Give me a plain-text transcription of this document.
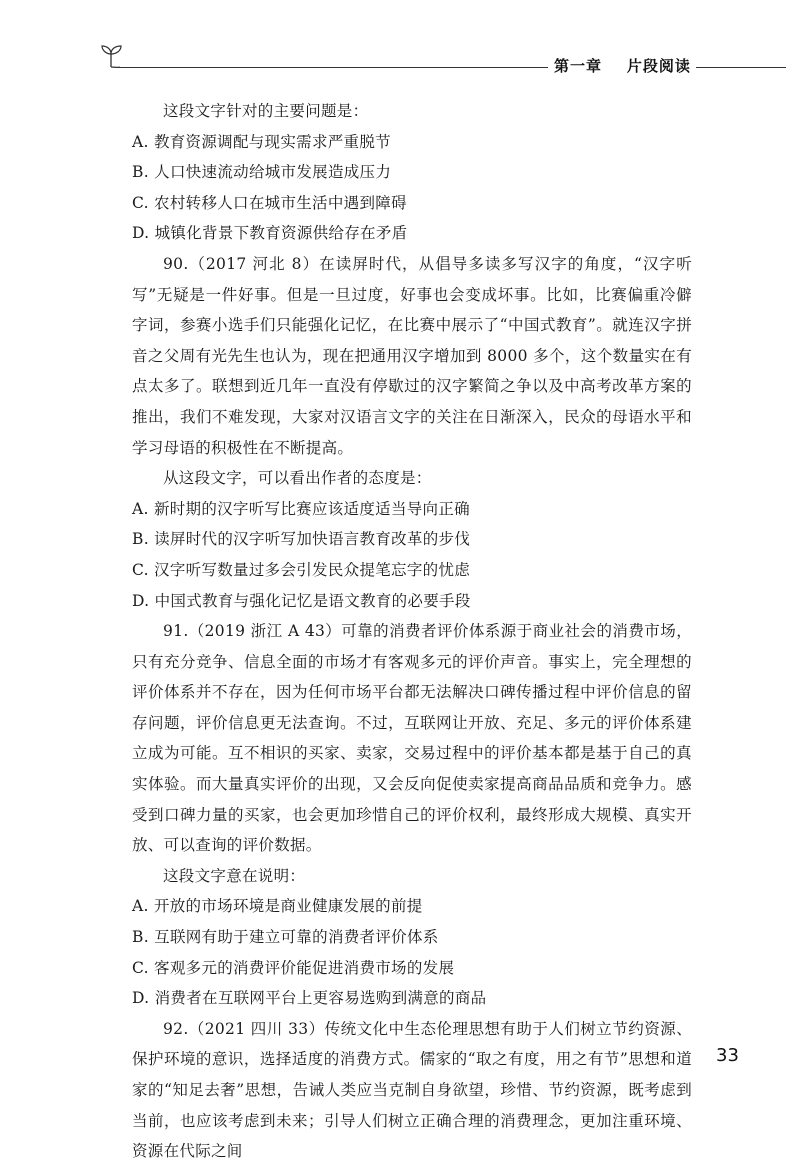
第一章 片段阅读

这段文字针对的主要问题是：

A. 教育资源调配与现实需求严重脱节

B. 人口快速流动给城市发展造成压力

C. 农村转移人口在城市生活中遇到障碍

D. 城镇化背景下教育资源供给存在矛盾

90.（2017 河北 8）在读屏时代，从倡导多读多写汉字的角度，“汉字听写”无疑是一件好事。但是一旦过度，好事也会变成坏事。比如，比赛偏重冷僻字词，参赛小选手们只能强化记忆，在比赛中展示了“中国式教育”。就连汉字拼音之父周有光先生也认为，现在把通用汉字增加到 8000 多个，这个数量实在有点太多了。联想到近几年一直没有停歇过的汉字繁简之争以及中高考改革方案的推出，我们不难发现，大家对汉语言文字的关注在日渐深入，民众的母语水平和学习母语的积极性在不断提高。

从这段文字，可以看出作者的态度是：

A. 新时期的汉字听写比赛应该适度适当导向正确

B. 读屏时代的汉字听写加快语言教育改革的步伐

C. 汉字听写数量过多会引发民众提笔忘字的忧虑

D. 中国式教育与强化记忆是语文教育的必要手段

91.（2019 浙江 A 43）可靠的消费者评价体系源于商业社会的消费市场，只有充分竞争、信息全面的市场才有客观多元的评价声音。事实上，完全理想的评价体系并不存在，因为任何市场平台都无法解决口碑传播过程中评价信息的留存问题，评价信息更无法查询。不过，互联网让开放、充足、多元的评价体系建立成为可能。互不相识的买家、卖家，交易过程中的评价基本都是基于自己的真实体验。而大量真实评价的出现，又会反向促使卖家提高商品品质和竞争力。感受到口碑力量的买家，也会更加珍惜自己的评价权利，最终形成大规模、真实开放、可以查询的评价数据。

这段文字意在说明：

A. 开放的市场环境是商业健康发展的前提

B. 互联网有助于建立可靠的消费者评价体系

C. 客观多元的消费评价能促进消费市场的发展

D. 消费者在互联网平台上更容易选购到满意的商品

92.（2021 四川 33）传统文化中生态伦理思想有助于人们树立节约资源、保护环境的意识，选择适度的消费方式。儒家的“取之有度，用之有节”思想和道家的“知足去奢”思想，告诫人类应当克制自身欲望，珍惜、节约资源，既考虑到当前，也应该考虑到未来；引导人们树立正确合理的消费理念，更加注重环境、资源在代际之间

33
